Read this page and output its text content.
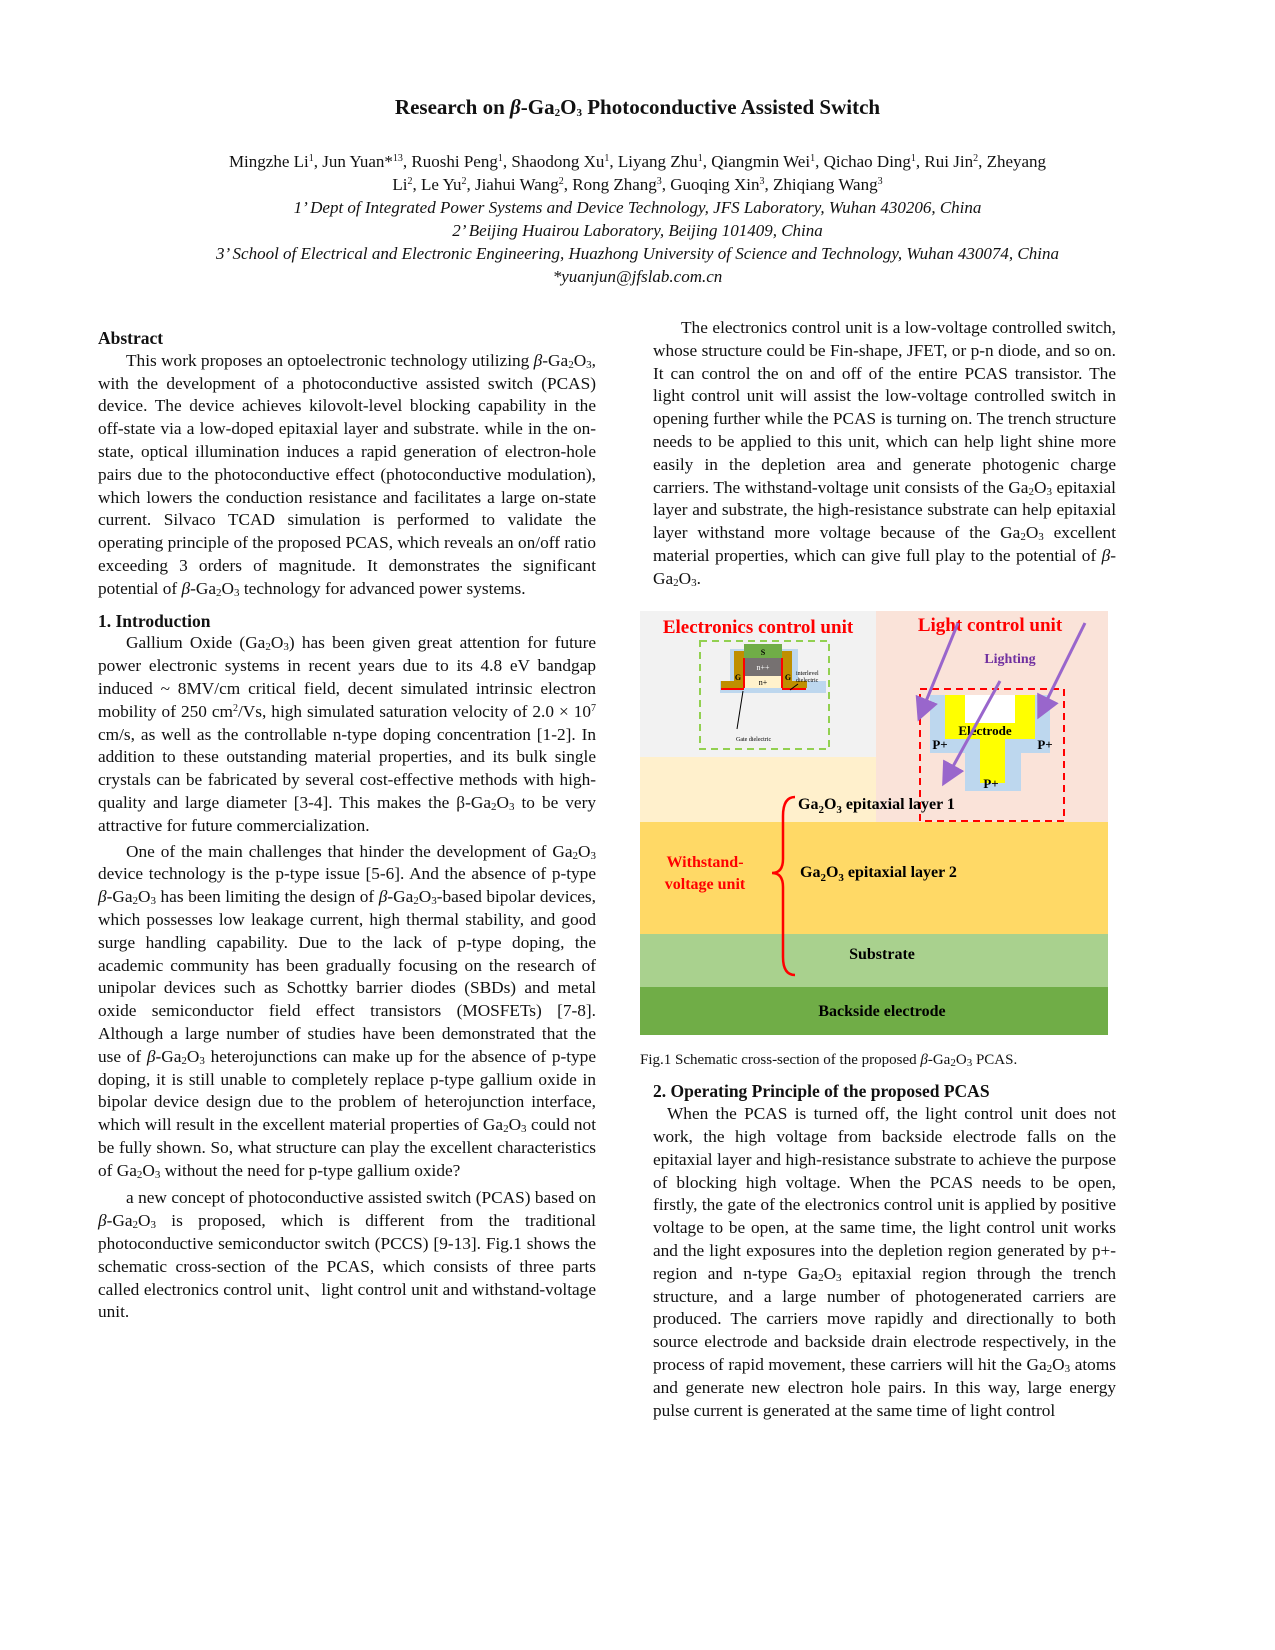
Research on $\beta-Ga_2O_3$ Photoconductive Assisted Switch
Mingzhe Li$^1$, Jun Yuan*$^{13}$, Ruoshi Peng$^1$, Shaodong Xu$^1$, Liyang Zhu$^1$, Qiangmin Wei$^1$, Qichao Ding$^1$, Rui Jin$^2$, Zheyang
Li$^2$, Le Yu$^2$, Jiahui Wang$^2$, Rong Zhang$^3$, Guoqing Xin$^3$, Zhiqiang Wang$^3$
1’ Dept of Integrated Power Systems and Device Technology, JFS Laboratory, Wuhan 430206, China
2’ Beijing Huairou Laboratory, Beijing 101409, China
3’ School of Electrical and Electronic Engineering, Huazhong University of Science and Technology, Wuhan 430074, China
*yuanjun@jfslab.com.cn

Abstract

This work proposes an optoelectronic technology utilizing $\beta-Ga_2O_3$, with the development of a photoconductive assisted switch (PCAS) device. The device achieves kilovolt-level blocking capability in the off-state via a low-doped epitaxial layer and substrate. while in the on-state, optical illumination induces a rapid generation of electron-hole pairs due to the photoconductive effect (photoconductive modulation), which lowers the conduction resistance and facilitates a large on-state current. Silvaco TCAD simulation is performed to validate the operating principle of the proposed PCAS, which reveals an on/off ratio exceeding 3 orders of magnitude. It demonstrates the significant potential of $\beta-Ga_2O_3$ technology for advanced power systems.

1. Introduction

Gallium Oxide $(Ga_2O_3)$ has been given great attention for future power electronic systems in recent years due to its 4.8 eV bandgap induced ~ 8MV/cm critical field, decent simulated intrinsic electron mobility of 250 $cm^2/Vs$, high simulated saturation velocity of $2.0 \times 10^7$ cm/s, as well as the controllable n-type doping concentration [1-2]. In addition to these outstanding material properties, and its bulk single crystals can be fabricated by several cost-effective methods with high-quality and large diameter [3-4]. This makes the $\beta-Ga_2O_3$ to be very attractive for future commercialization.

One of the main challenges that hinder the development of $Ga_2O_3$ device technology is the p-type issue [5-6]. And the absence of p-type $\beta-Ga_2O_3$ has been limiting the design of $\beta-Ga_2O_3$-based bipolar devices, which possesses low leakage current, high thermal stability, and good surge handling capability. Due to the lack of p-type doping, the academic community has been gradually focusing on the research of unipolar devices such as Schottky barrier diodes (SBDs) and metal oxide semiconductor field effect transistors (MOSFETs) [7-8]. Although a large number of studies have been demonstrated that the use of $\beta-Ga_2O_3$ heterojunctions can make up for the absence of p-type doping, it is still unable to completely replace p-type gallium oxide in bipolar device design due to the problem of heterojunction interface, which will result in the excellent material properties of $Ga_2O_3$ could not be fully shown. So, what structure can play the excellent characteristics of $Ga_2O_3$ without the need for p-type gallium oxide?

a new concept of photoconductive assisted switch (PCAS) based on $\beta-Ga_2O_3$ is proposed, which is different from the traditional photoconductive semiconductor switch (PCCS) [9-13]. Fig.1 shows the schematic cross-section of the PCAS, which consists of three parts called electronics control unit、light control unit and withstand-voltage unit.

The electronics control unit is a low-voltage controlled switch, whose structure could be Fin-shape, JFET, or p-n diode, and so on. It can control the on and off of the entire PCAS transistor. The light control unit will assist the low-voltage controlled switch in opening further while the PCAS is turning on. The trench structure needs to be applied to this unit, which can help light shine more easily in the depletion area and generate photogenic charge carriers. The withstand-voltage unit consists of the $Ga_2O_3$ epitaxial layer and substrate, the high-resistance substrate can help epitaxial layer withstand more voltage because of the $Ga_2O_3$ excellent material properties, which can give full play to the potential of $\beta-Ga_2O_3$.

Electronics control unit	Light control unit
S
n++
n+
G	G interlevel
dielectric
Gate dielectric
Electrode
P+	P+
P+
Lighting
$Ga_2O_3$ epitaxial layer 1
$Ga_2O_3$ epitaxial layer 2
Substrate
Backside electrode
Withstand-
voltage unit

Fig.1 Schematic cross-section of the proposed $\beta-Ga_2O_3$ PCAS.

2. Operating Principle of the proposed PCAS

When the PCAS is turned off, the light control unit does not work, the high voltage from backside electrode falls on the epitaxial layer and high-resistance substrate to achieve the purpose of blocking high voltage. When the PCAS needs to be open, firstly, the gate of the electronics control unit is applied by positive voltage to be open, at the same time, the light control unit works and the light exposures into the depletion region generated by p+-region and n-type $Ga_2O_3$ epitaxial region through the trench structure, and a large number of photogenerated carriers are produced. The carriers move rapidly and directionally to both source electrode and backside drain electrode respectively, in the process of rapid movement, these carriers will hit the $Ga_2O_3$ atoms and generate new electron hole pairs. In this way, large energy pulse current is generated at the same time of light control
